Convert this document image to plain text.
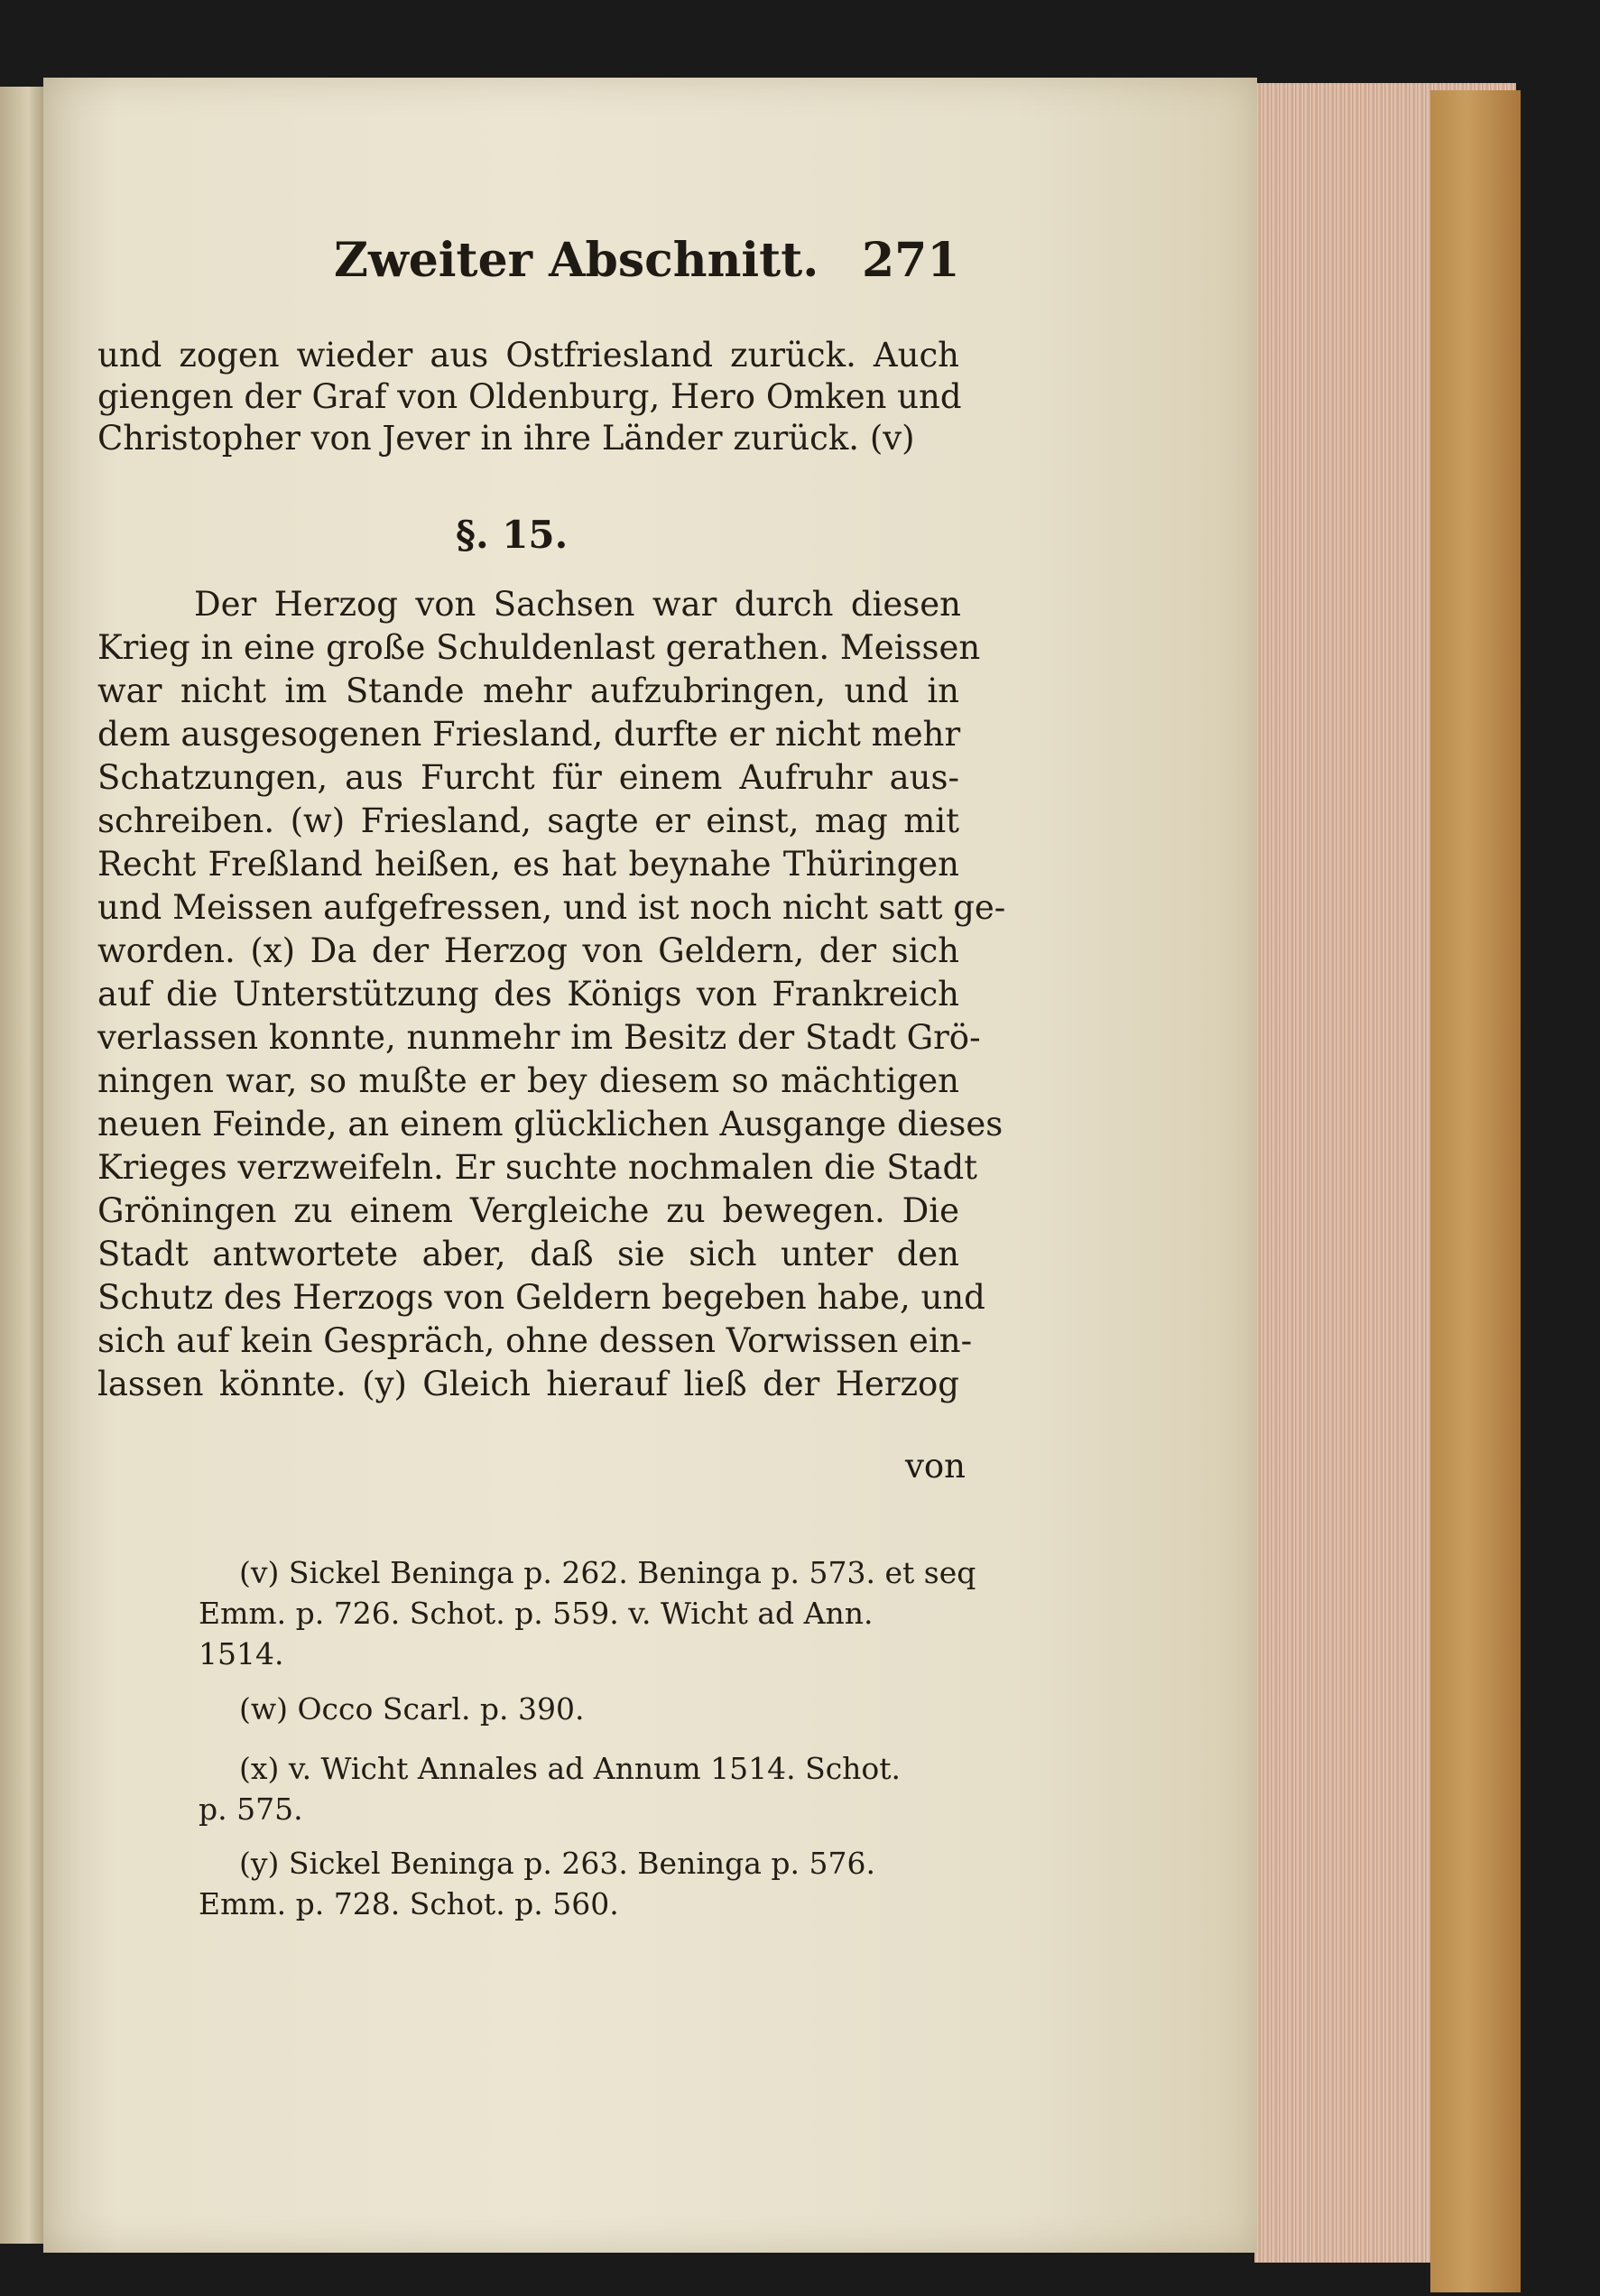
Zweiter Abschnitt. 271
und zogen wieder aus Ostfriesland zurück. Auch
giengen der Graf von Oldenburg, Hero Omken und
Christopher von Jever in ihre Länder zurück. (v)
§. 15.
Der Herzog von Sachsen war durch diesen
Krieg in eine große Schuldenlast gerathen. Meissen
war nicht im Stande mehr aufzubringen, und in
dem ausgesogenen Friesland, durfte er nicht mehr
Schatzungen, aus Furcht für einem Aufruhr aus-
schreiben. (w) Friesland, sagte er einst, mag mit
Recht Freßland heißen, es hat beynahe Thüringen
und Meissen aufgefressen, und ist noch nicht satt ge-
worden. (x) Da der Herzog von Geldern, der sich
auf die Unterstützung des Königs von Frankreich
verlassen konnte, nunmehr im Besitz der Stadt Grö-
ningen war, so mußte er bey diesem so mächtigen
neuen Feinde, an einem glücklichen Ausgange dieses
Krieges verzweifeln. Er suchte nochmalen die Stadt
Gröningen zu einem Vergleiche zu bewegen. Die
Stadt antwortete aber, daß sie sich unter den
Schutz des Herzogs von Geldern begeben habe, und
sich auf kein Gespräch, ohne dessen Vorwissen ein-
lassen könnte. (y) Gleich hierauf ließ der Herzog
von
(v) Sickel Beninga p. 262. Beninga p. 573. et seq
Emm. p. 726. Schot. p. 559. v. Wicht ad Ann.
1514.
(w) Occo Scarl. p. 390.
(x) v. Wicht Annales ad Annum 1514. Schot.
p. 575.
(y) Sickel Beninga p. 263. Beninga p. 576.
Emm. p. 728. Schot. p. 560.
